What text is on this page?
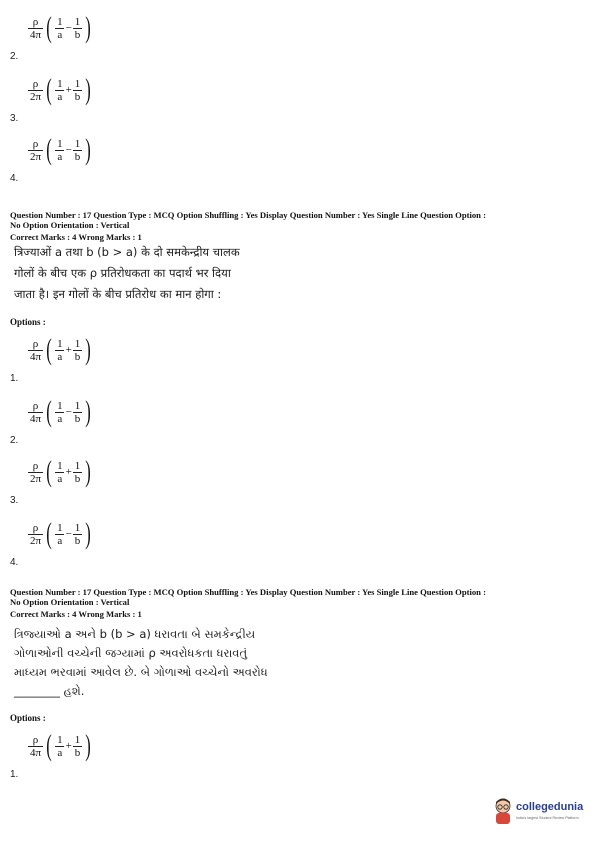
$\frac{\rho}{4\pi}$ ( $\frac{1}{a} - \frac{1}{b}$ )
2.
$\frac{\rho}{2\pi}$ ( $\frac{1}{a} + \frac{1}{b}$ )
3.
$\frac{\rho}{2\pi}$ ( $\frac{1}{a} - \frac{1}{b}$ )
4.
Question Number : 17 Question Type : MCQ Option Shuffling : Yes Display Question Number : Yes Single Line Question Option :
No Option Orientation : Vertical
Correct Marks : 4 Wrong Marks : 1
त्रिज्याओं a तथा b (b > a) के दो समकेन्द्रीय चालक
गोलों के बीच एक ρ प्रतिरोधकता का पदार्थ भर दिया
जाता है। इन गोलों के बीच प्रतिरोध का मान होगा :
Options :
$\frac{\rho}{4\pi}$ ( $\frac{1}{a} + \frac{1}{b}$ )
1.
$\frac{\rho}{4\pi}$ ( $\frac{1}{a} - \frac{1}{b}$ )
2.
$\frac{\rho}{2\pi}$ ( $\frac{1}{a} + \frac{1}{b}$ )
3.
$\frac{\rho}{2\pi}$ ( $\frac{1}{a} - \frac{1}{b}$ )
4.
Question Number : 17 Question Type : MCQ Option Shuffling : Yes Display Question Number : Yes Single Line Question Option :
No Option Orientation : Vertical
Correct Marks : 4 Wrong Marks : 1
ત્રિજ્યાઓ a અને b (b > a) ધરાવતા બે સમકેન્દ્રીય
ગોળાઓની વચ્ચેની જગ્યામાં ρ અવરોધકતા ધરાવતું
માધ્યમ ભરવામાં આવેલ છે. બે ગોળાઓ વચ્ચેનો અવરોધ
________ હશે.
Options :
$\frac{\rho}{4\pi}$ ( $\frac{1}{a} + \frac{1}{b}$ )
1.
collegedunia
India's largest Student Review Platform
